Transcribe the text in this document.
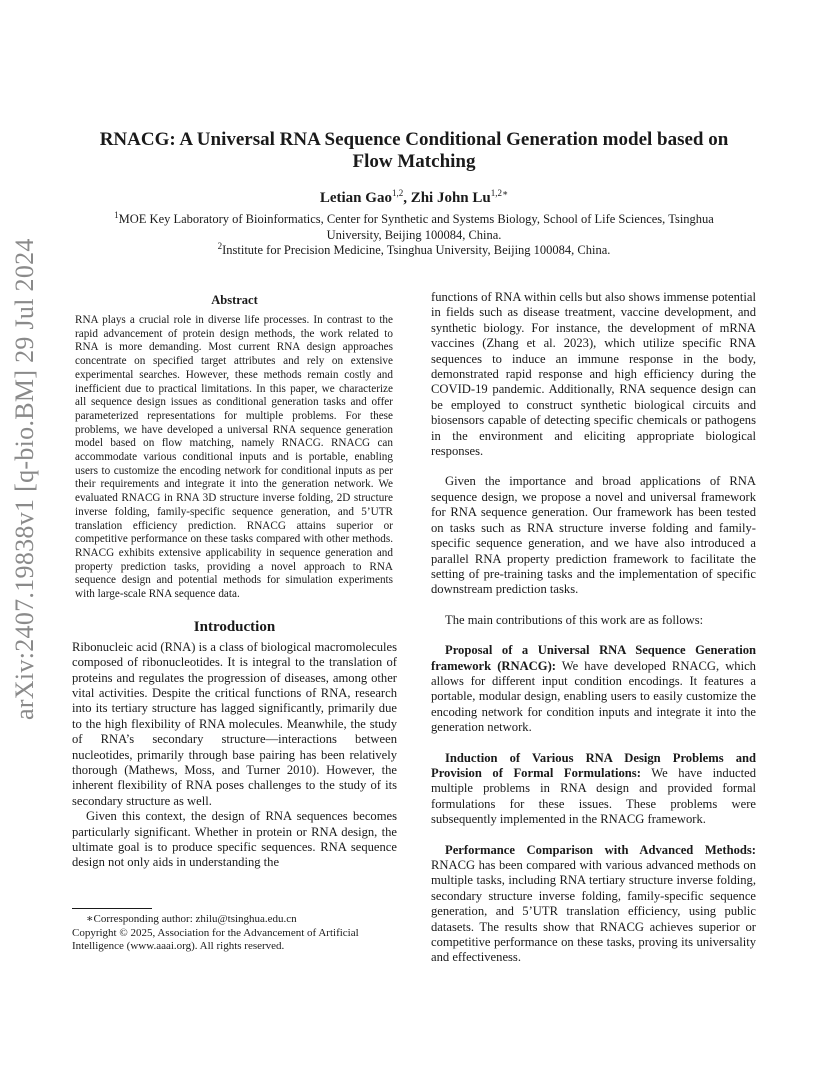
arXiv:2407.19838v1 [q-bio.BM] 29 Jul 2024
RNACG: A Universal RNA Sequence Conditional Generation model based on Flow Matching
Letian Gao$^{1,2}$, Zhi John $Lu^{1,2∗}$

$^1$MOE Key Laboratory of Bioinformatics, Center for Synthetic and Systems Biology, School of Life Sciences, Tsinghua University, Beijing 100084, China.

$^2$Institute for Precision Medicine, Tsinghua University, Beijing 100084, China.

Abstract

RNA plays a crucial role in diverse life processes. In contrast to the rapid advancement of protein design methods, the work related to RNA is more demanding. Most current RNA design approaches concentrate on specified target attributes and rely on extensive experimental searches. However, these methods remain costly and inefficient due to practical limitations. In this paper, we characterize all sequence design issues as conditional generation tasks and offer parameterized representations for multiple problems. For these problems, we have developed a universal RNA sequence generation model based on flow matching, namely RNACG. RNACG can accommodate various conditional inputs and is portable, enabling users to customize the encoding network for conditional inputs as per their requirements and integrate it into the generation network. We evaluated RNACG in RNA 3D structure inverse folding, 2D structure inverse folding, family-specific sequence generation, and 5’UTR translation efficiency prediction. RNACG attains superior or competitive performance on these tasks compared with other methods. RNACG exhibits extensive applicability in sequence generation and property prediction tasks, providing a novel approach to RNA sequence design and potential methods for simulation experiments with large-scale RNA sequence data.

Introduction

Ribonucleic acid (RNA) is a class of biological macromolecules composed of ribonucleotides. It is integral to the translation of proteins and regulates the progression of diseases, among other vital activities. Despite the critical functions of RNA, research into its tertiary structure has lagged significantly, primarily due to the high flexibility of RNA molecules. Meanwhile, the study of RNA’s secondary structure—interactions between nucleotides, primarily through base pairing has been relatively thorough (Mathews, Moss, and Turner 2010). However, the inherent flexibility of RNA poses challenges to the study of its secondary structure as well.

Given this context, the design of RNA sequences becomes particularly significant. Whether in protein or RNA design, the ultimate goal is to produce specific sequences. RNA sequence design not only aids in understanding the

∗Corresponding author: zhilu@tsinghua.edu.cn

Copyright © 2025, Association for the Advancement of Artificial Intelligence (www.aaai.org). All rights reserved.

functions of RNA within cells but also shows immense potential in fields such as disease treatment, vaccine development, and synthetic biology. For instance, the development of mRNA vaccines (Zhang et al. 2023), which utilize specific RNA sequences to induce an immune response in the body, demonstrated rapid response and high efficiency during the COVID-19 pandemic. Additionally, RNA sequence design can be employed to construct synthetic biological circuits and biosensors capable of detecting specific chemicals or pathogens in the environment and eliciting appropriate biological responses.

Given the importance and broad applications of RNA sequence design, we propose a novel and universal framework for RNA sequence generation. Our framework has been tested on tasks such as RNA structure inverse folding and family-specific sequence generation, and we have also introduced a parallel RNA property prediction framework to facilitate the setting of pre-training tasks and the implementation of specific downstream prediction tasks.

The main contributions of this work are as follows:

Proposal of a Universal RNA Sequence Generation framework (RNACG): We have developed RNACG, which allows for different input condition encodings. It features a portable, modular design, enabling users to easily customize the encoding network for condition inputs and integrate it into the generation network.

Induction of Various RNA Design Problems and Provision of Formal Formulations: We have inducted multiple problems in RNA design and provided formal formulations for these issues. These problems were subsequently implemented in the RNACG framework.

Performance Comparison with Advanced Methods: RNACG has been compared with various advanced methods on multiple tasks, including RNA tertiary structure inverse folding, secondary structure inverse folding, family-specific sequence generation, and 5’UTR translation efficiency, using public datasets. The results show that RNACG achieves superior or competitive performance on these tasks, proving its universality and effectiveness.
